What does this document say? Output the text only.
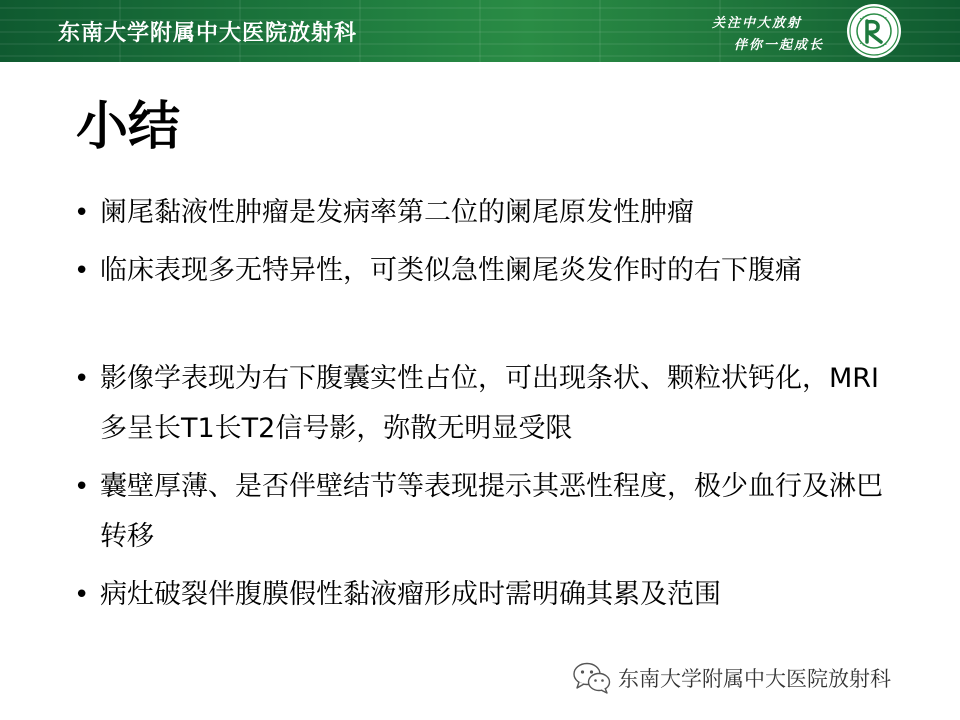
东南大学附属中大医院放射科	关注中大放射
伴你一起成长
小结
• 阑尾黏液性肿瘤是发病率第二位的阑尾原发性肿瘤
• 临床表现多无特异性，可类似急性阑尾炎发作时的右下腹痛
• 影像学表现为右下腹囊实性占位，可出现条状、颗粒状钙化，MRI多呈长T1长T2信号影，弥散无明显受限
• 囊壁厚薄、是否伴壁结节等表现提示其恶性程度，极少血行及淋巴转移
• 病灶破裂伴腹膜假性黏液瘤形成时需明确其累及范围
东南大学附属中大医院放射科
